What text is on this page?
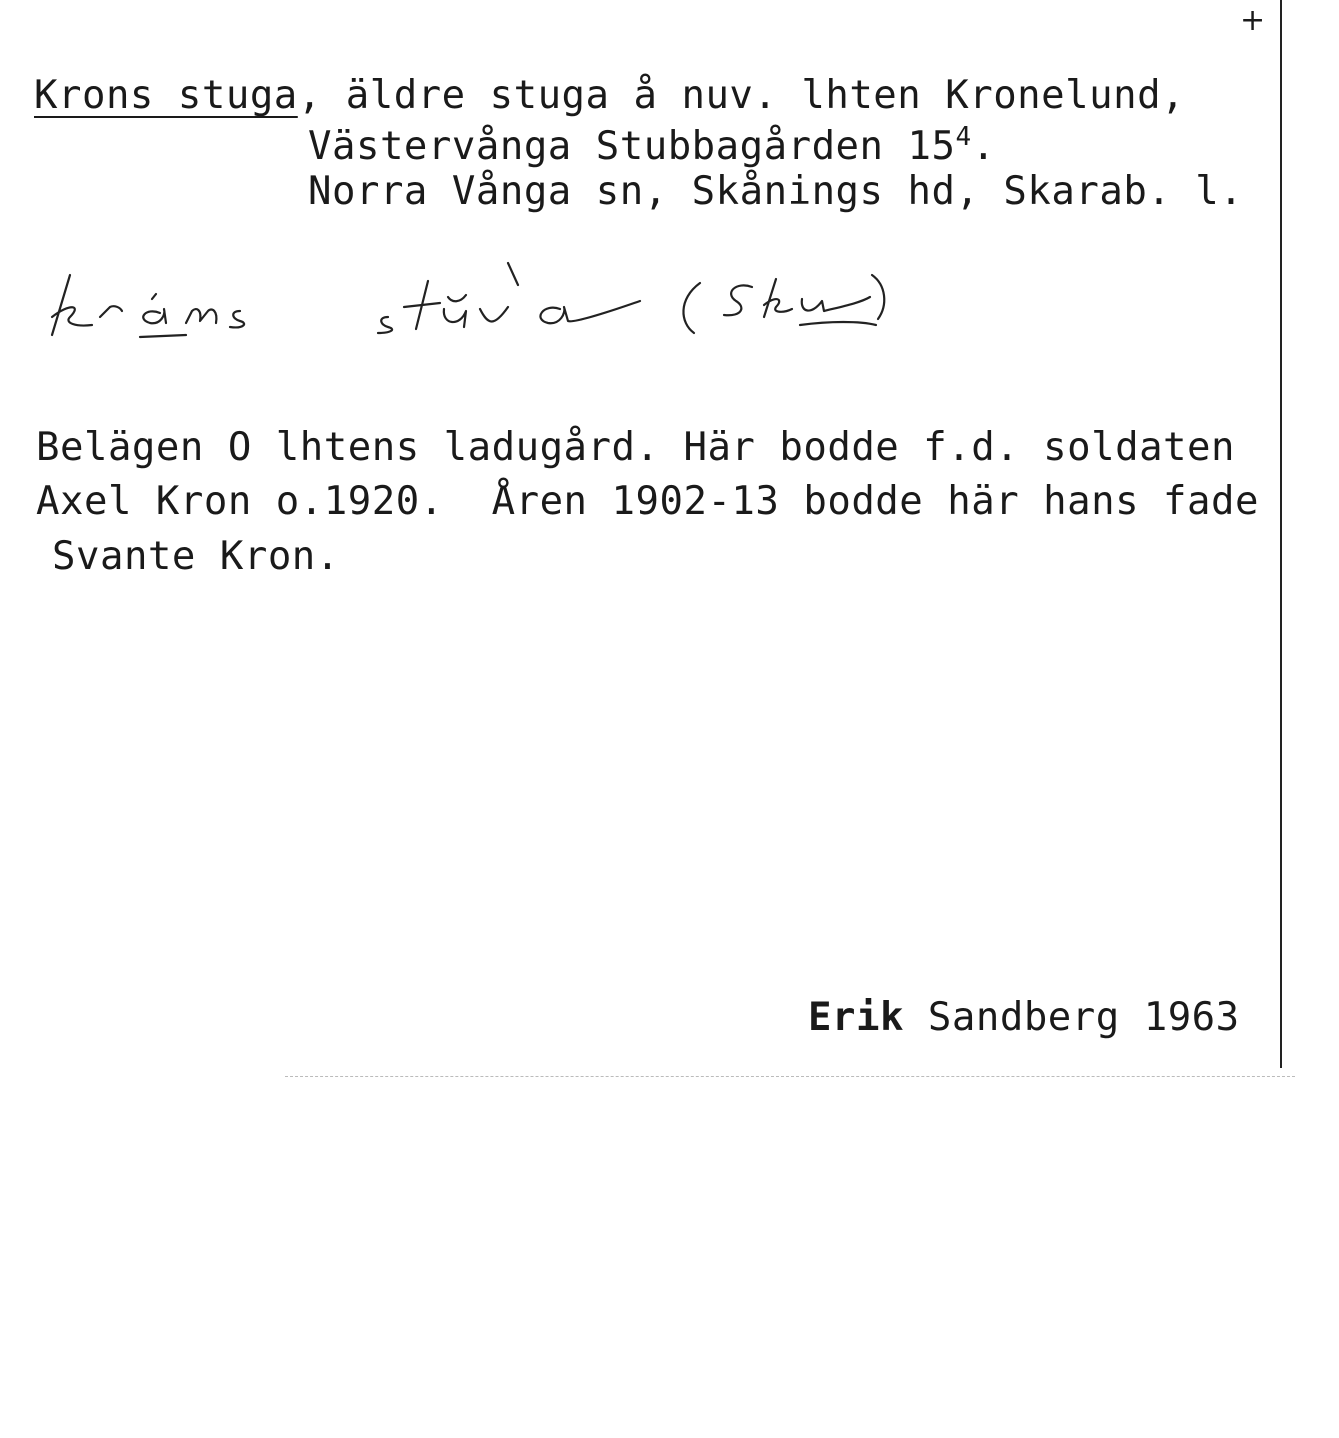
+
Krons stuga, äldre stuga å nuv. lhten Kronelund,
Västervånga Stubbagården $15^4$.
Norra Vånga sn, Skånings hd, Skarab. l.
Belägen O lhtens ladugård. Här bodde f.d. soldaten
Axel Kron o.1920.  Åren 1902-13 bodde här hans fade
Svante Kron.
Erik Sandberg 1963
